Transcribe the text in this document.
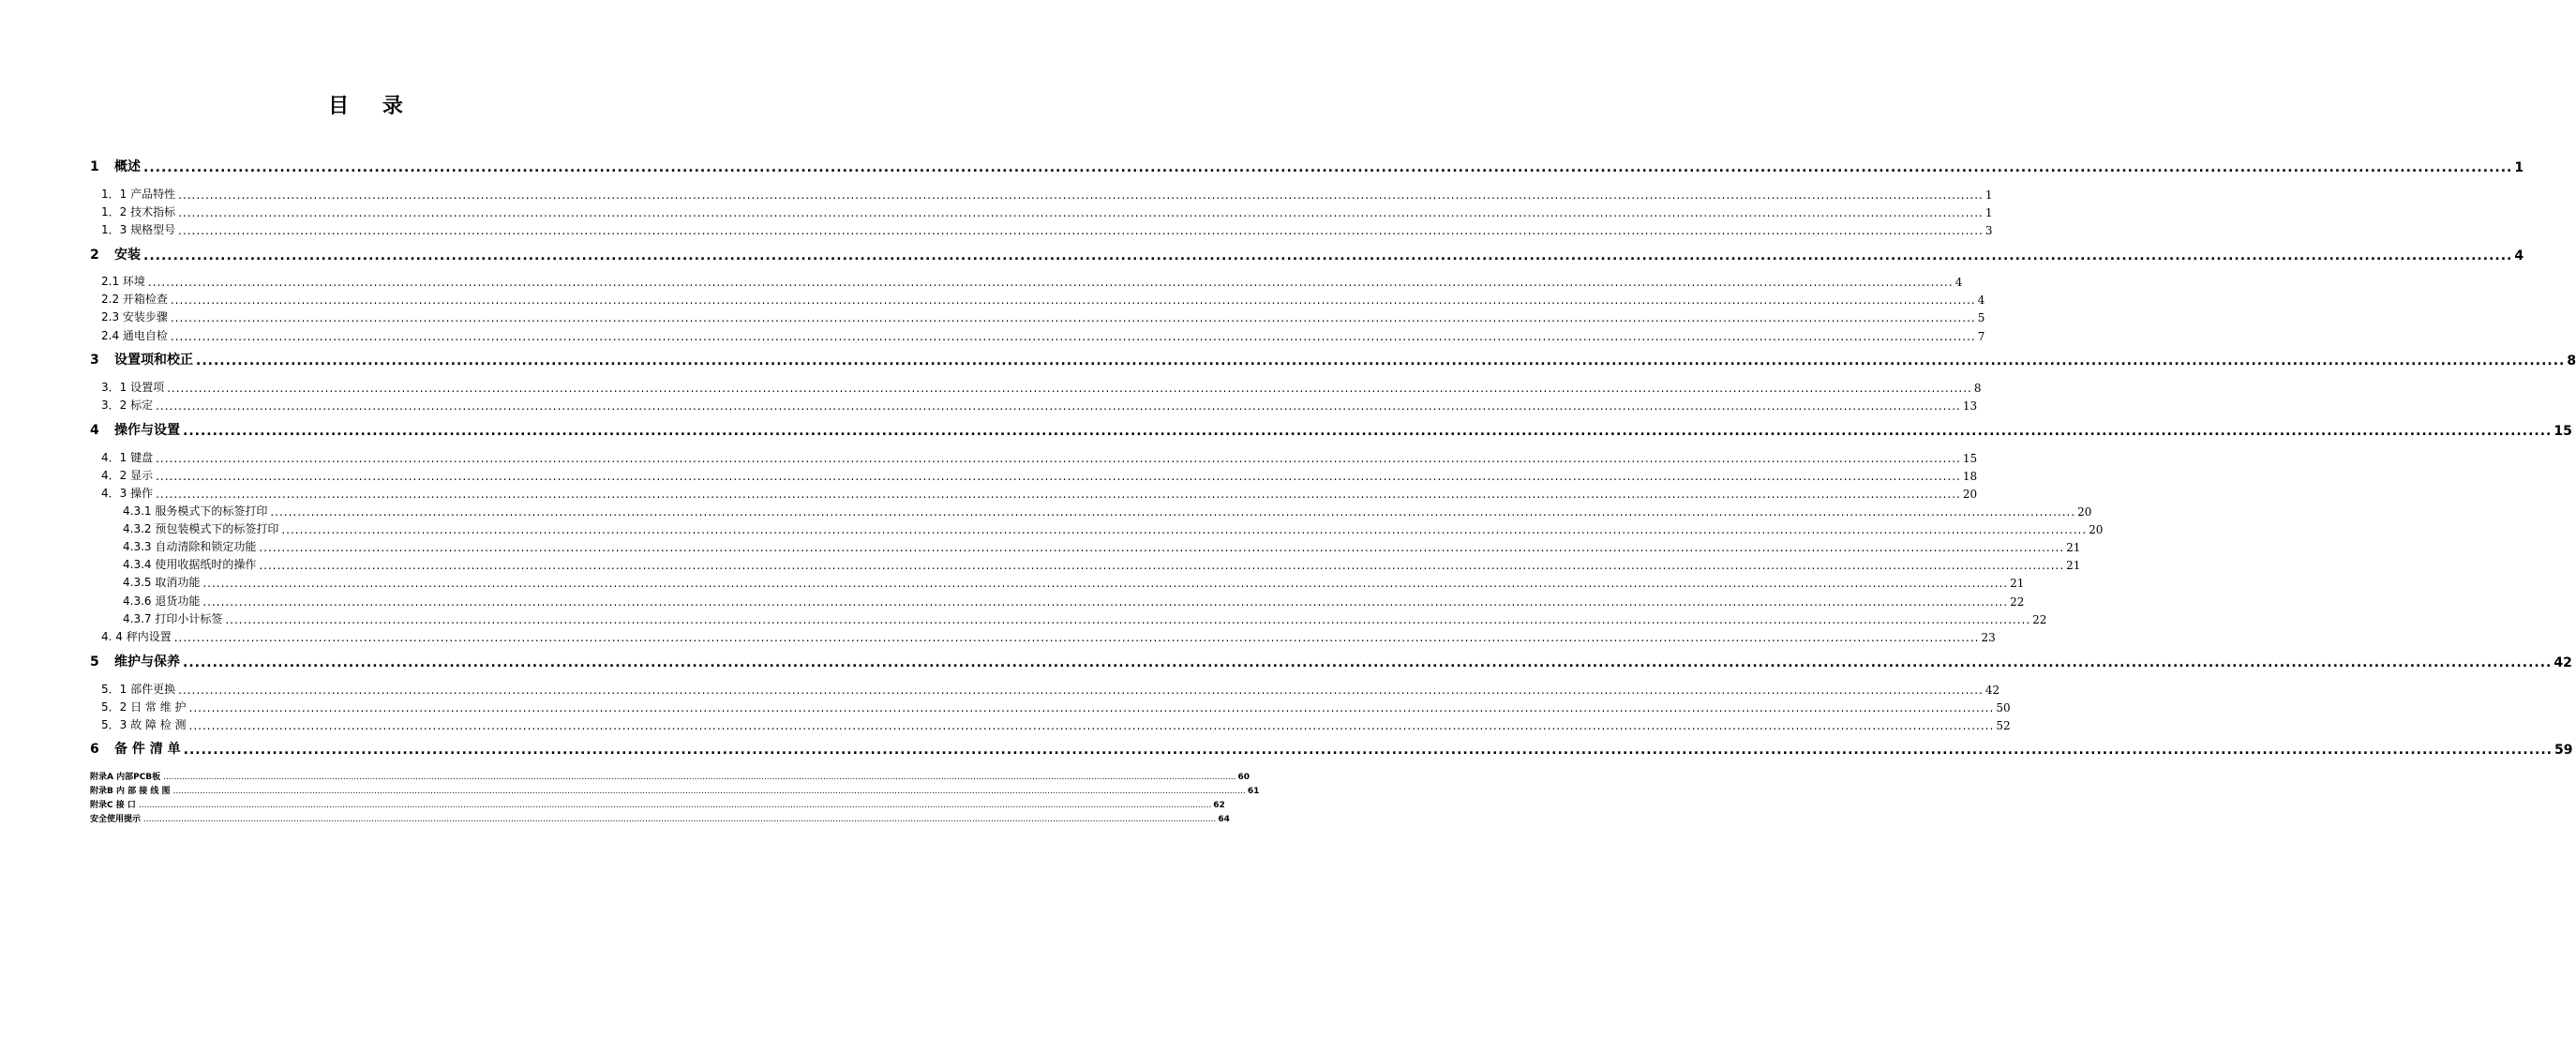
目 录
1 概述 ................................................................................................................................................................................................................................................................................................................................................................................................................ 1
1．1 产品特性 ................................................................................................................................................................................................................................................................................................................................................................................................................ 1
1．2 技术指标 ................................................................................................................................................................................................................................................................................................................................................................................................................ 1
1．3 规格型号 ................................................................................................................................................................................................................................................................................................................................................................................................................ 3
2 安装 ................................................................................................................................................................................................................................................................................................................................................................................................................ 4
2.1 环境 ................................................................................................................................................................................................................................................................................................................................................................................................................ 4
2.2 开箱检查 ................................................................................................................................................................................................................................................................................................................................................................................................................ 4
2.3 安装步骤 ................................................................................................................................................................................................................................................................................................................................................................................................................ 5
2.4 通电自检 ................................................................................................................................................................................................................................................................................................................................................................................................................ 7
3 设置项和校正 ................................................................................................................................................................................................................................................................................................................................................................................................................ 8
3．1 设置项 ................................................................................................................................................................................................................................................................................................................................................................................................................ 8
3．2 标定 ................................................................................................................................................................................................................................................................................................................................................................................................................ 13
4 操作与设置 ................................................................................................................................................................................................................................................................................................................................................................................................................ 15
4．1 键盘 ................................................................................................................................................................................................................................................................................................................................................................................................................ 15
4．2 显示 ................................................................................................................................................................................................................................................................................................................................................................................................................ 18
4．3 操作 ................................................................................................................................................................................................................................................................................................................................................................................................................ 20
4.3.1 服务模式下的标签打印 ................................................................................................................................................................................................................................................................................................................................................................................................................ 20
4.3.2 预包装模式下的标签打印 ................................................................................................................................................................................................................................................................................................................................................................................................................ 20
4.3.3 自动清除和锁定功能 ................................................................................................................................................................................................................................................................................................................................................................................................................ 21
4.3.4 使用收据纸时的操作 ................................................................................................................................................................................................................................................................................................................................................................................................................ 21
4.3.5 取消功能 ................................................................................................................................................................................................................................................................................................................................................................................................................ 21
4.3.6 退货功能 ................................................................................................................................................................................................................................................................................................................................................................................................................ 22
4.3.7 打印小计标签 ................................................................................................................................................................................................................................................................................................................................................................................................................ 22
4. 4 秤内设置 ................................................................................................................................................................................................................................................................................................................................................................................................................ 23
5 维护与保养 ................................................................................................................................................................................................................................................................................................................................................................................................................ 42
5．1 部件更换 ................................................................................................................................................................................................................................................................................................................................................................................................................ 42
5．2 日 常 维 护 ................................................................................................................................................................................................................................................................................................................................................................................................................ 50
5．3 故 障 检 测 ................................................................................................................................................................................................................................................................................................................................................................................................................ 52
6 备 件 清 单 ................................................................................................................................................................................................................................................................................................................................................................................................................ 59
附录A 内部PCB板 ................................................................................................................................................................................................................................................................................................................................................................................................................ 60
附录B 内 部 接 线 图 ................................................................................................................................................................................................................................................................................................................................................................................................................ 61
附录C 接 口 ................................................................................................................................................................................................................................................................................................................................................................................................................ 62
安全使用提示 ................................................................................................................................................................................................................................................................................................................................................................................................................ 64
